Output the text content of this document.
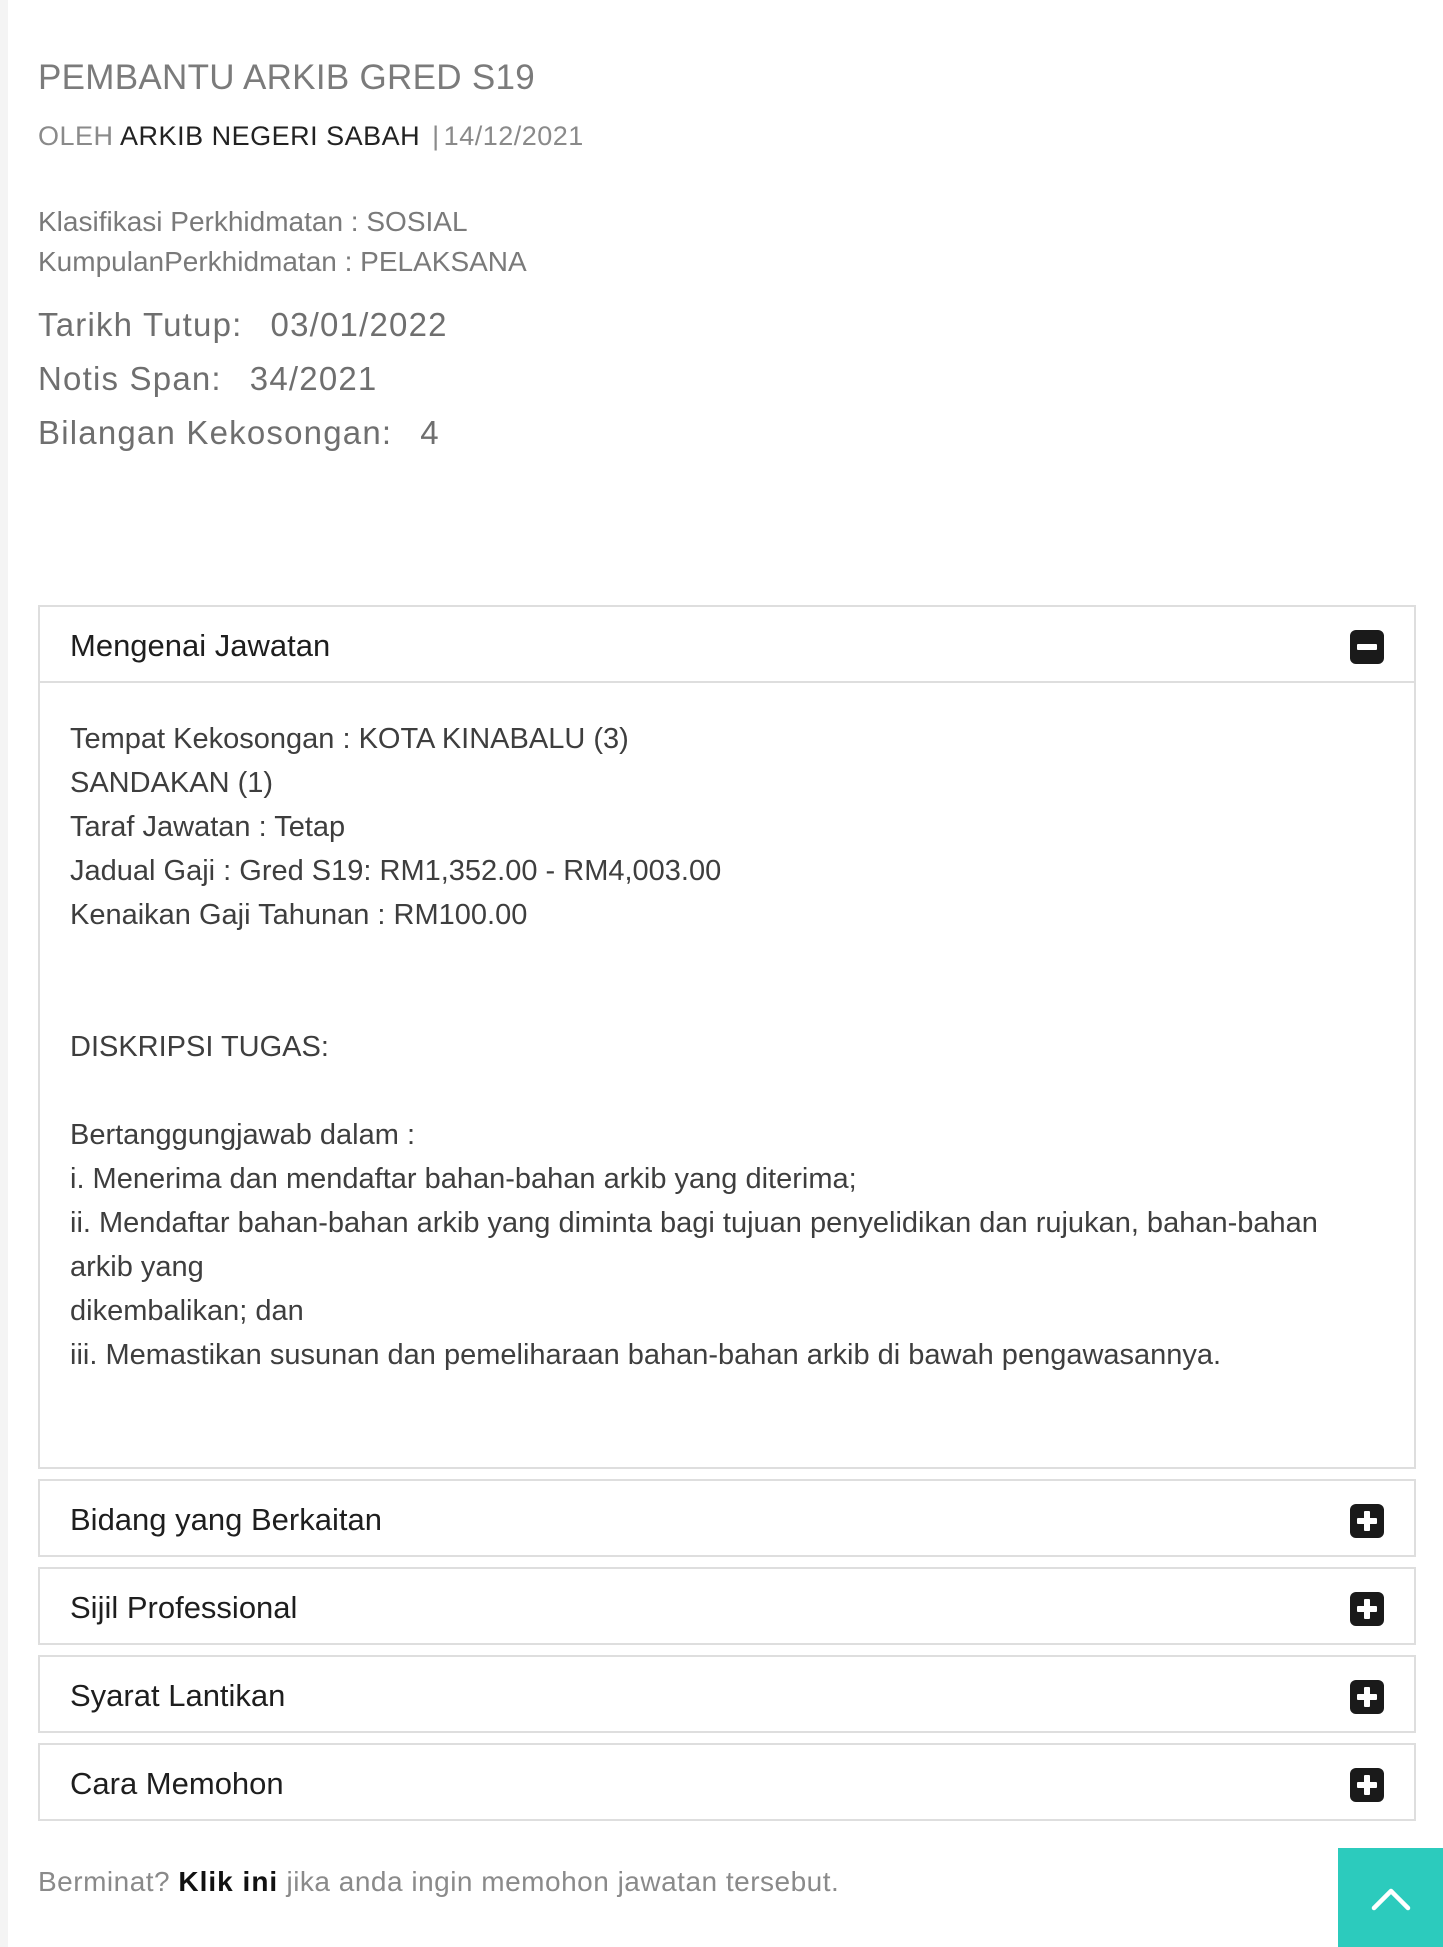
PEMBANTU ARKIB GRED S19
OLEH ARKIB NEGERI SABAH | 14/12/2021
Klasifikasi Perkhidmatan : SOSIAL
KumpulanPerkhidmatan : PELAKSANA
Tarikh Tutup: 03/01/2022
Notis Span: 34/2021
Bilangan Kekosongan: 4
Mengenai Jawatan

Tempat Kekosongan : KOTA KINABALU (3)

SANDAKAN (1)

Taraf Jawatan : Tetap

Jadual Gaji : Gred S19: RM1,352.00 - RM4,003.00

Kenaikan Gaji Tahunan : RM100.00

DISKRIPSI TUGAS:

Bertanggungjawab dalam :

i. Menerima dan mendaftar bahan-bahan arkib yang diterima;

ii. Mendaftar bahan-bahan arkib yang diminta bagi tujuan penyelidikan dan rujukan, bahan-bahan arkib yang

dikembalikan; dan

iii. Memastikan susunan dan pemeliharaan bahan-bahan arkib di bawah pengawasannya.

Bidang yang Berkaitan
Sijil Professional
Syarat Lantikan
Cara Memohon
Berminat? Klik ini jika anda ingin memohon jawatan tersebut.
